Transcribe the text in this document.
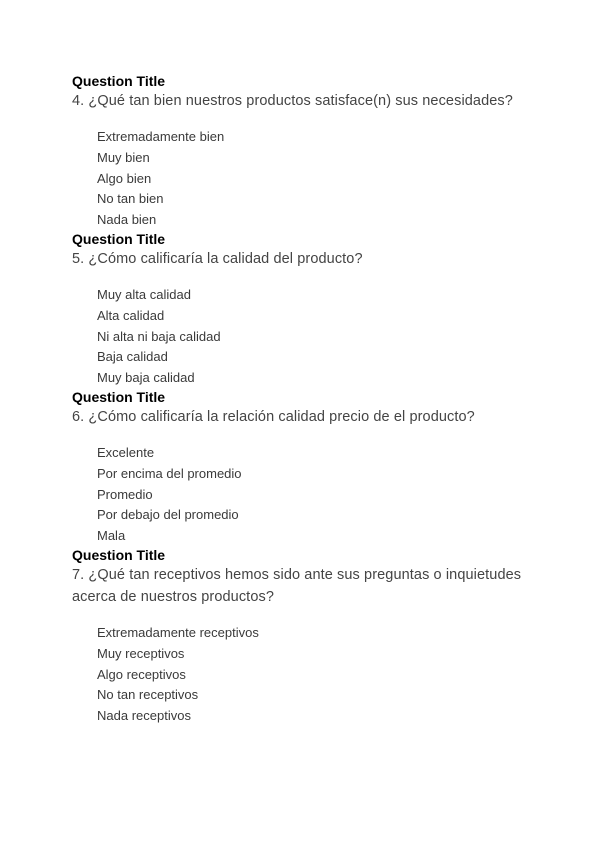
Question Title
4. ¿Qué tan bien nuestros productos satisface(n) sus necesidades?
Extremadamente bien
Muy bien
Algo bien
No tan bien
Nada bien
Question Title
5. ¿Cómo calificaría la calidad del producto?
Muy alta calidad
Alta calidad
Ni alta ni baja calidad
Baja calidad
Muy baja calidad
Question Title
6. ¿Cómo calificaría la relación calidad precio de el producto?
Excelente
Por encima del promedio
Promedio
Por debajo del promedio
Mala
Question Title
7. ¿Qué tan receptivos hemos sido ante sus preguntas o inquietudes acerca de nuestros productos?
Extremadamente receptivos
Muy receptivos
Algo receptivos
No tan receptivos
Nada receptivos
